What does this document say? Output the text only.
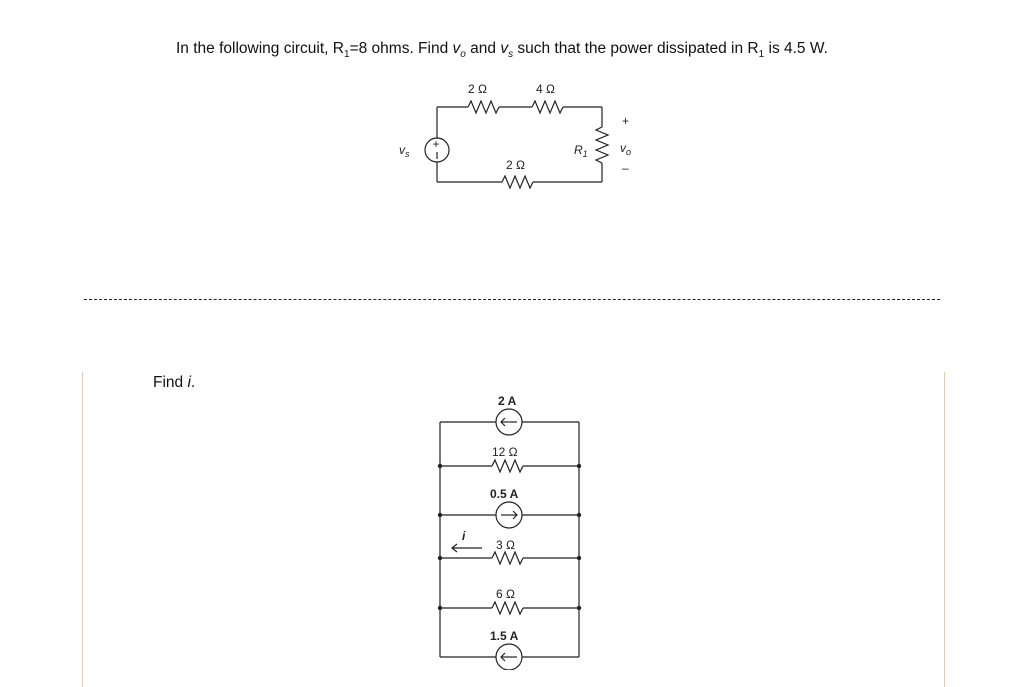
In the following circuit, $R_1=8$ ohms. Find $v_o$ and $v_s$ such that the power dissipated in $R_1$ is 4.5 W.
+
2 Ω	4 Ω
2 Ω
$v_s$	$R_1$
+
$v_o$
–
Find i.
2 A
12 Ω
0.5 A
i
3 Ω
6 Ω
1.5 A
